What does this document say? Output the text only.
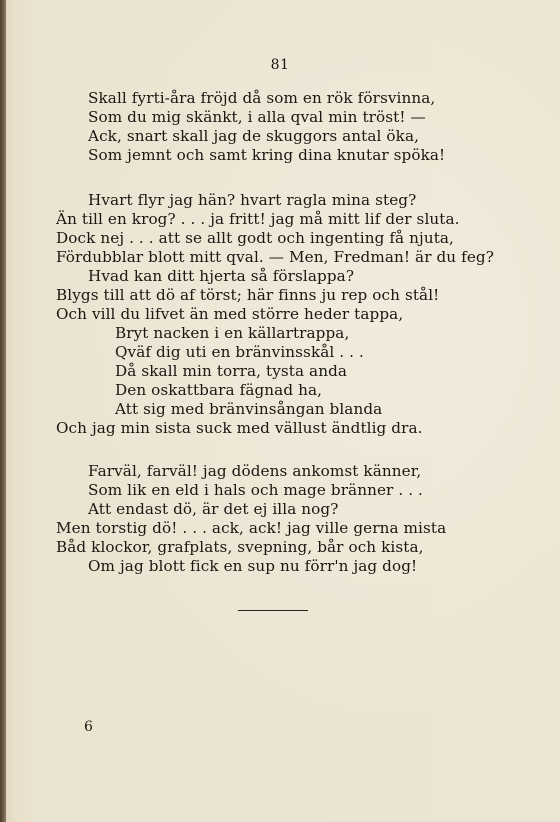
81
Skall fyrti-åra fröjd då som en rök försvinna,
Som du mig skänkt, i alla qval min tröst! —
Ack, snart skall jag de skuggors antal öka,
Som jemnt och samt kring dina knutar spöka!
Hvart flyr jag hän? hvart ragla mina steg?
Än till en krog? . . . ja fritt! jag må mitt lif der sluta.
Dock nej . . . att se allt godt och ingenting få njuta,
Fördubblar blott mitt qval. — Men, Fredman! är du feg?
Hvad kan ditt hjerta så förslappa?
Blygs till att dö af törst; här finns ju rep och stål!
Och vill du lifvet än med större heder tappa,
Bryt nacken i en källartrappa,
Qväf dig uti en bränvinsskål . . .
Då skall min torra, tysta anda
Den oskattbara fägnad ha,
Att sig med bränvinsångan blanda
Och jag min sista suck med vällust ändtlig dra.
Farväl, farväl! jag dödens ankomst känner,
Som lik en eld i hals och mage bränner . . .
Att endast dö, är det ej illa nog?
Men torstig dö! . . . ack, ack! jag ville gerna mista
Båd klockor, grafplats, svepning, bår och kista,
Om jag blott fick en sup nu förr'n jag dog!
6
